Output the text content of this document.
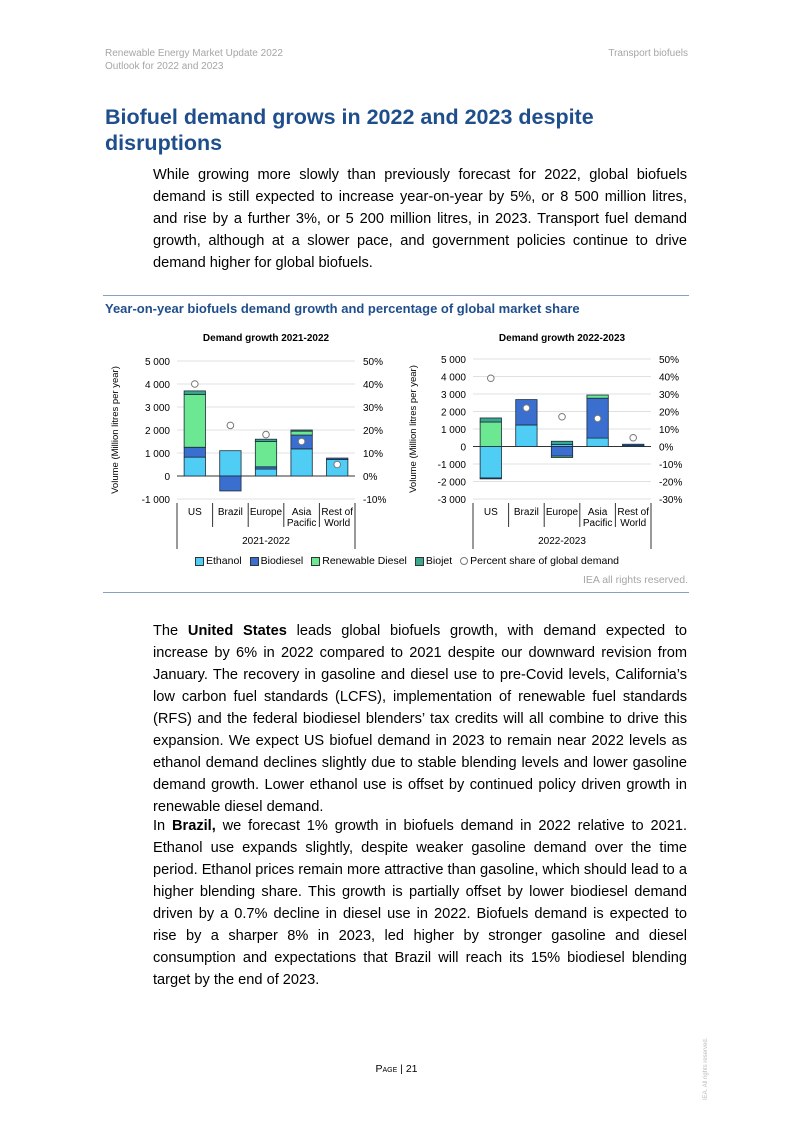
Renewable Energy Market Update 2022
Outlook for 2022 and 2023
Transport biofuels
Biofuel demand grows in 2022 and 2023 despite disruptions
While growing more slowly than previously forecast for 2022, global biofuels demand is still expected to increase year-on-year by 5%, or 8 500 million litres, and rise by a further 3%, or 5 200 million litres, in 2023. Transport fuel demand growth, although at a slower pace, and government policies continue to drive demand higher for global biofuels.
Year-on-year biofuels demand growth and percentage of global market share
Demand growth 2021-2022
Volume (Million litres per year)
-1 000
0
1 000
2 000
3 000
4 000
5 000
-10%
0%
10%
20%
30%
40%
50%
US Brazil Europe Asia
Pacific
Rest of
World
2021-2022
Demand growth 2022-2023
Volume (Million litres per year)
-3 000
-2 000
-1 000
0
1 000
2 000
3 000
4 000
5 000
-30%
-20%
-10%
0%
10%
20%
30%
40%
50%
US Brazil Europe Asia
Pacific
Rest of
World
2022-2023
Ethanol Biodiesel Renewable Diesel Biojet Percent share of global demand
IEA all rights reserved.
The United States leads global biofuels growth, with demand expected to increase by 6% in 2022 compared to 2021 despite our downward revision from January. The recovery in gasoline and diesel use to pre-Covid levels, California’s low carbon fuel standards (LCFS), implementation of renewable fuel standards (RFS) and the federal biodiesel blenders’ tax credits will all combine to drive this expansion. We expect US biofuel demand in 2023 to remain near 2022 levels as ethanol demand declines slightly due to stable blending levels and lower gasoline demand growth. Lower ethanol use is offset by continued policy driven growth in renewable diesel demand.
In Brazil, we forecast 1% growth in biofuels demand in 2022 relative to 2021. Ethanol use expands slightly, despite weaker gasoline demand over the time period. Ethanol prices remain more attractive than gasoline, which should lead to a higher blending share. This growth is partially offset by lower biodiesel demand driven by a 0.7% decline in diesel use in 2022. Biofuels demand is expected to rise by a sharper 8% in 2023, led higher by stronger gasoline and diesel consumption and expectations that Brazil will reach its 15% biodiesel blending target by the end of 2023.
Page | 21	IEA. All rights reserved.
